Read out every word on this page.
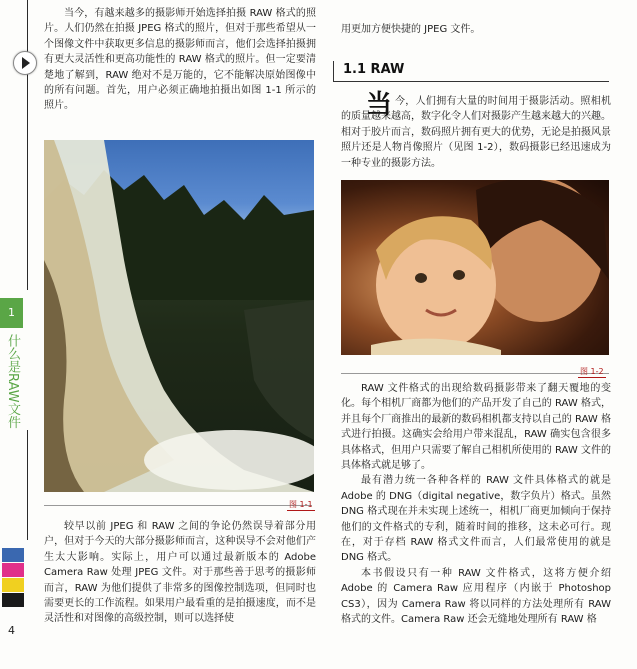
1
什么是RAW文件
4

当今，有越来越多的摄影师开始选择拍摄 RAW 格式的照片。人们仍然在拍摄 JPEG 格式的照片，但对于那些希望从一个图像文件中获取更多信息的摄影师而言，他们会选择拍摄拥有更大灵活性和更高功能性的 RAW 格式的照片。但一定要清楚地了解到，RAW 绝对不是万能的，它不能解决原始图像中的所有问题。首先，用户必须正确地拍摄出如图 1-1 所示的照片。

图 1-1

较早以前 JPEG 和 RAW 之间的争论仍然误导着部分用户，但对于今天的大部分摄影师而言，这种误导不会对他们产生太大影响。实际上，用户可以通过最新版本的 Adobe Camera Raw 处理 JPEG 文件。对于那些善于思考的摄影师而言，RAW 为他们提供了非常多的图像控制选项，但同时也需要更长的工作流程。如果用户最看重的是拍摄速度，而不是灵活性和对图像的高级控制，则可以选择使

用更加方便快捷的 JPEG 文件。
1.1 RAW
当 今，人们拥有大量的时间用于摄影活动。照相机的质量越来越高，数字化令人们对摄影产生越来越大的兴趣。相对于胶片而言，数码照片拥有更大的优势，无论是拍摄风景照片还是人物肖像照片（见图 1-2），数码摄影已经迅速成为一种专业的摄影方法。

图 1-2

RAW 文件格式的出现给数码摄影带来了翻天覆地的变化。每个相机厂商都为他们的产品开发了自己的 RAW 格式，并且每个厂商推出的最新的数码相机都支持以自己的 RAW 格式进行拍摄。这确实会给用户带来混乱，RAW 确实包含很多具体格式，但用户只需要了解自己相机所使用的 RAW 文件的具体格式就足够了。

最有潜力统一各种各样的 RAW 文件具体格式的就是 Adobe 的 DNG（digital negative，数字负片）格式。虽然 DNG 格式现在并未实现上述统一，相机厂商更加倾向于保持他们的文件格式的专利，随着时间的推移，这未必可行。现在，对于存档 RAW 格式文件而言，人们最常使用的就是 DNG 格式。

本书假设只有一种 RAW 文件格式，这将方便介绍 Adobe 的 Camera Raw 应用程序（内嵌于 Photoshop CS3），因为 Camera Raw 将以同样的方法处理所有 RAW 格式的文件。Camera Raw 还会无缝地处理所有 RAW 格
